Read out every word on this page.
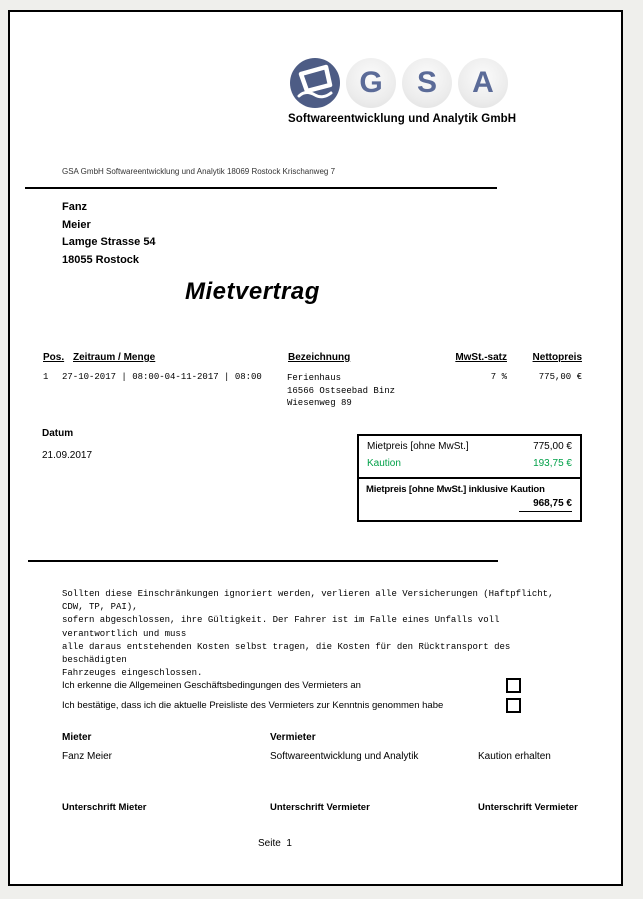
G	S	A
Softwareentwicklung und Analytik GmbH
GSA GmbH Softwareentwicklung und Analytik 18069 Rostock Krischanweg 7
Fanz
Meier
Lamge Strasse 54
18055 Rostock
Mietvertrag
Pos. Zeitraum / Menge	Bezeichnung	MwSt.-satz	Nettopreis
1 27-10-2017 | 08:00-04-11-2017 | 08:00	Ferienhaus
16566 Ostseebad Binz
Wiesenweg 89
7 %	775,00 €
Datum
21.09.2017
Mietpreis [ohne MwSt.]	775,00 €
Kaution	193,75 €
Mietpreis [ohne MwSt.] inklusive Kaution
968,75 €
Sollten diese Einschränkungen ignoriert werden, verlieren alle Versicherungen (Haftpflicht,
CDW, TP, PAI),
sofern abgeschlossen, ihre Gültigkeit. Der Fahrer ist im Falle eines Unfalls voll
verantwortlich und muss
alle daraus entstehenden Kosten selbst tragen, die Kosten für den Rücktransport des
beschädigten
Fahrzeuges eingeschlossen.
Ich erkenne die Allgemeinen Geschäftsbedingungen des Vermieters an
Ich bestätige, dass ich die aktuelle Preisliste des Vermieters zur Kenntnis genommen habe
Mieter	Vermieter
Fanz Meier	Softwareentwicklung und Analytik	Kaution erhalten
Unterschrift Mieter	Unterschrift Vermieter	Unterschrift Vermieter
Seite  1
